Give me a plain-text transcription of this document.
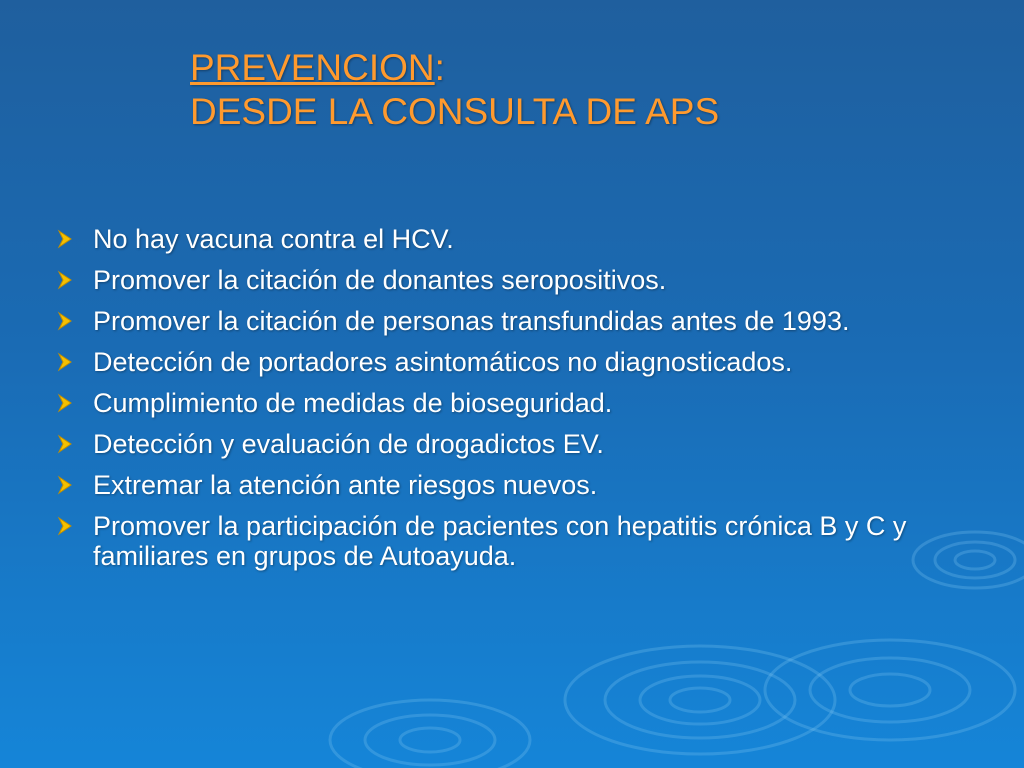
PREVENCION:
DESDE LA CONSULTA DE APS
No hay vacuna contra el HCV.
Promover la citación de donantes seropositivos.
Promover la citación de personas transfundidas antes de 1993.
Detección de portadores asintomáticos no diagnosticados.
Cumplimiento de medidas de bioseguridad.
Detección y evaluación de drogadictos EV.
Extremar la atención ante riesgos nuevos.
Promover la participación de pacientes con hepatitis crónica B y C y familiares en grupos de Autoayuda.
